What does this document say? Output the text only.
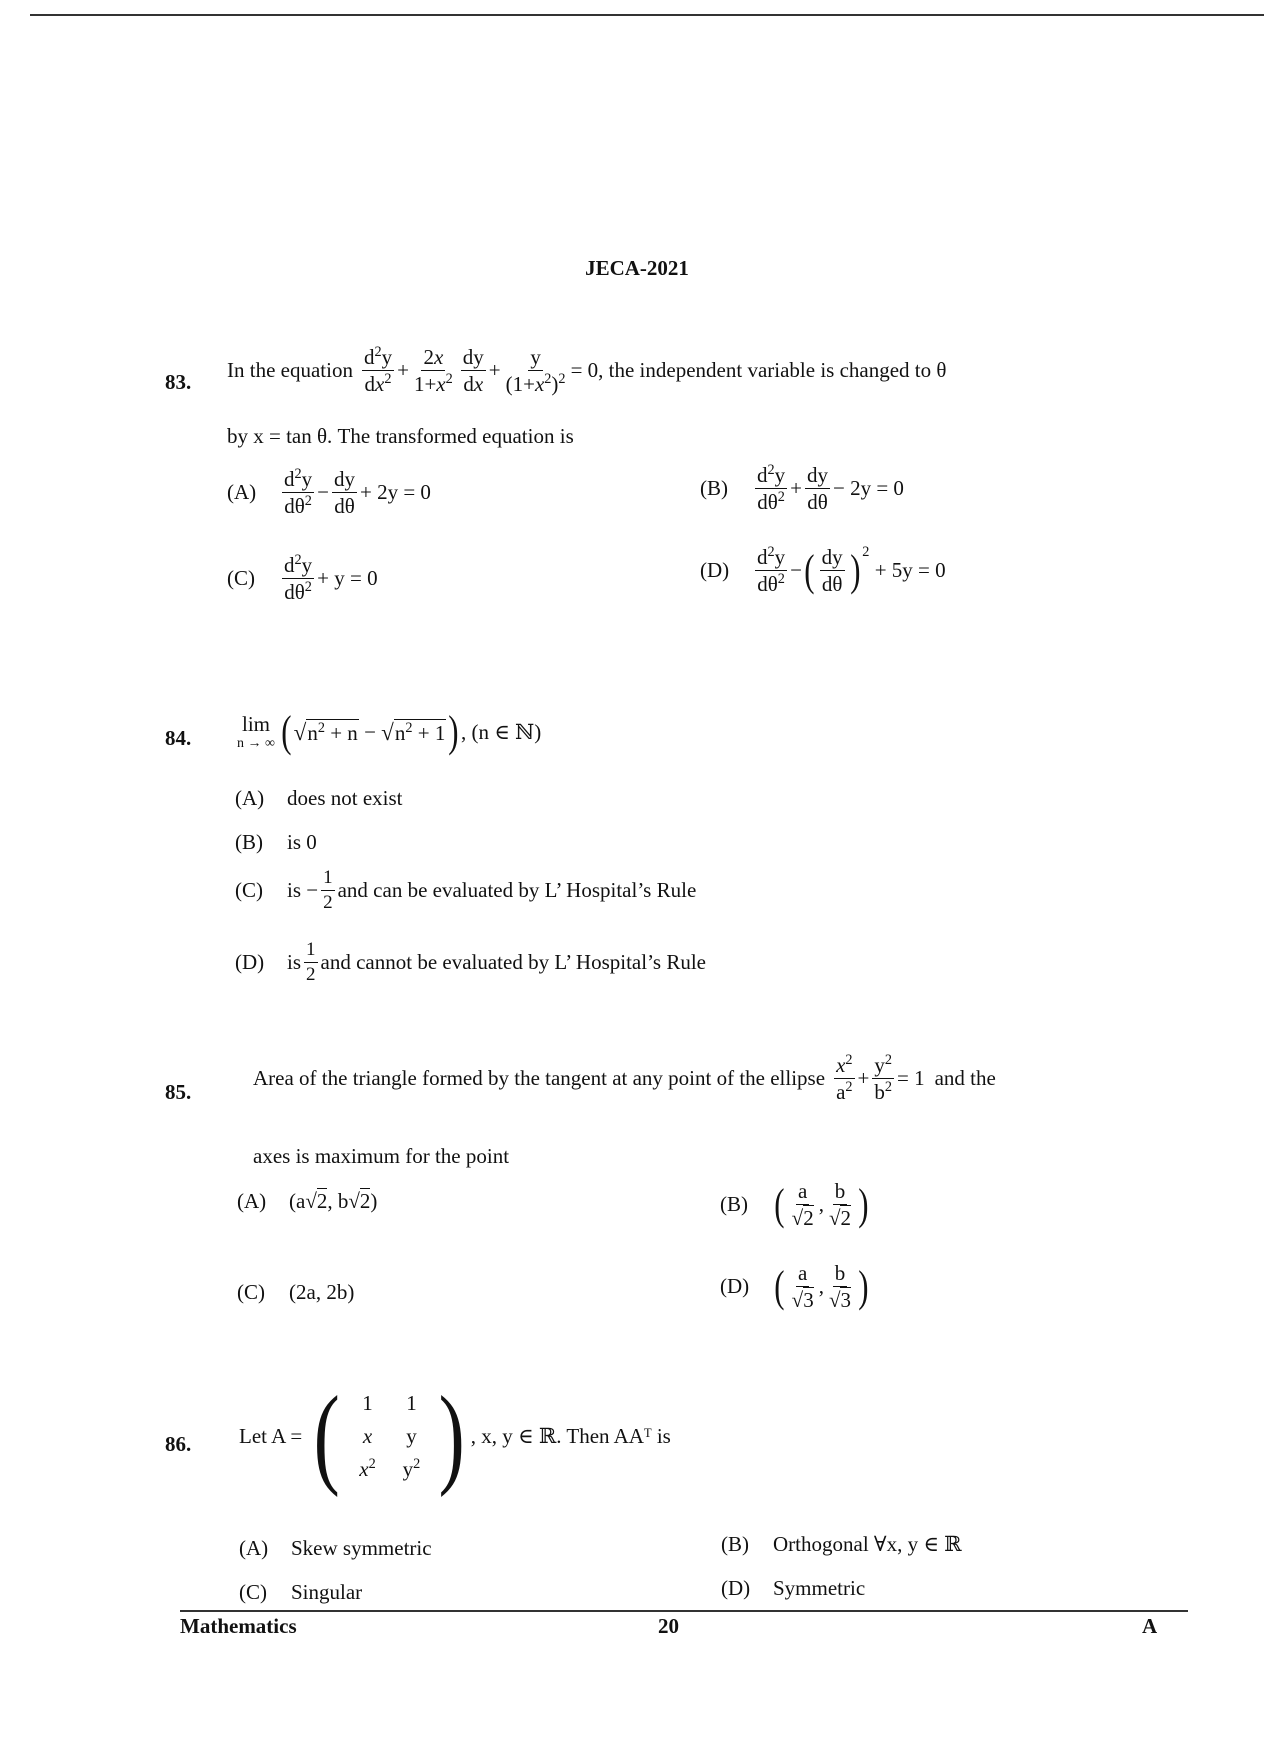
JECA-2021
83. In the equation $\frac{d^2y}{dx^2} + \frac{2x}{1+x^2} \frac{dy}{dx} + \frac{y}{(1+x^2)^2} = 0$ , the independent variable is changed to θ
by x = tan θ. The transformed equation is
(A)	$\frac{d^2y}{d\theta^2} - \frac{dy}{d\theta} + 2y = 0$	(B)	$\frac{d^2y}{d\theta^2} + \frac{dy}{d\theta} - 2y = 0$
(C)	$\frac{d^2y}{d\theta^2} + y = 0$	(D)	$\frac{d^2y}{d\theta^2}$ − ( $\frac{dy}{d\theta}$ ) 2
+ 5y = 0
84.
lim
n → ∞ ( √ $n^2 + n$ − √ $n^2 + 1$ ) , (n ∈ ℕ)
(A)	does not exist
(B)	is 0
(C)	is − $\frac{1}{2}$ and can be evaluated by L’ Hospital’s Rule
(D)	is $\frac{1}{2}$ and cannot be evaluated by L’ Hospital’s Rule
85.
Area of the triangle formed by the tangent at any point of the ellipse $\frac{x^2}{a^2} + \frac{y^2}{b^2} = 1$ and the
axes is maximum for the point
(A)	(a√ 2 , b√ 2 )	(B) ( $\frac{a}{√2}$ , $\frac{b}{√2}$ )
(C)	(2a, 2b)	(D) ( $\frac{a}{√3}$ , $\frac{b}{√3}$ )
86. Let A = (	1	1
x	y
$x^2$	$y^2$ ) , x, y ∈ ℝ. Then AAᵀ is
(A)	Skew symmetric	(B)	Orthogonal ∀x, y ∈ ℝ
(C)	Singular	(D)	Symmetric
Mathematics	20	A
